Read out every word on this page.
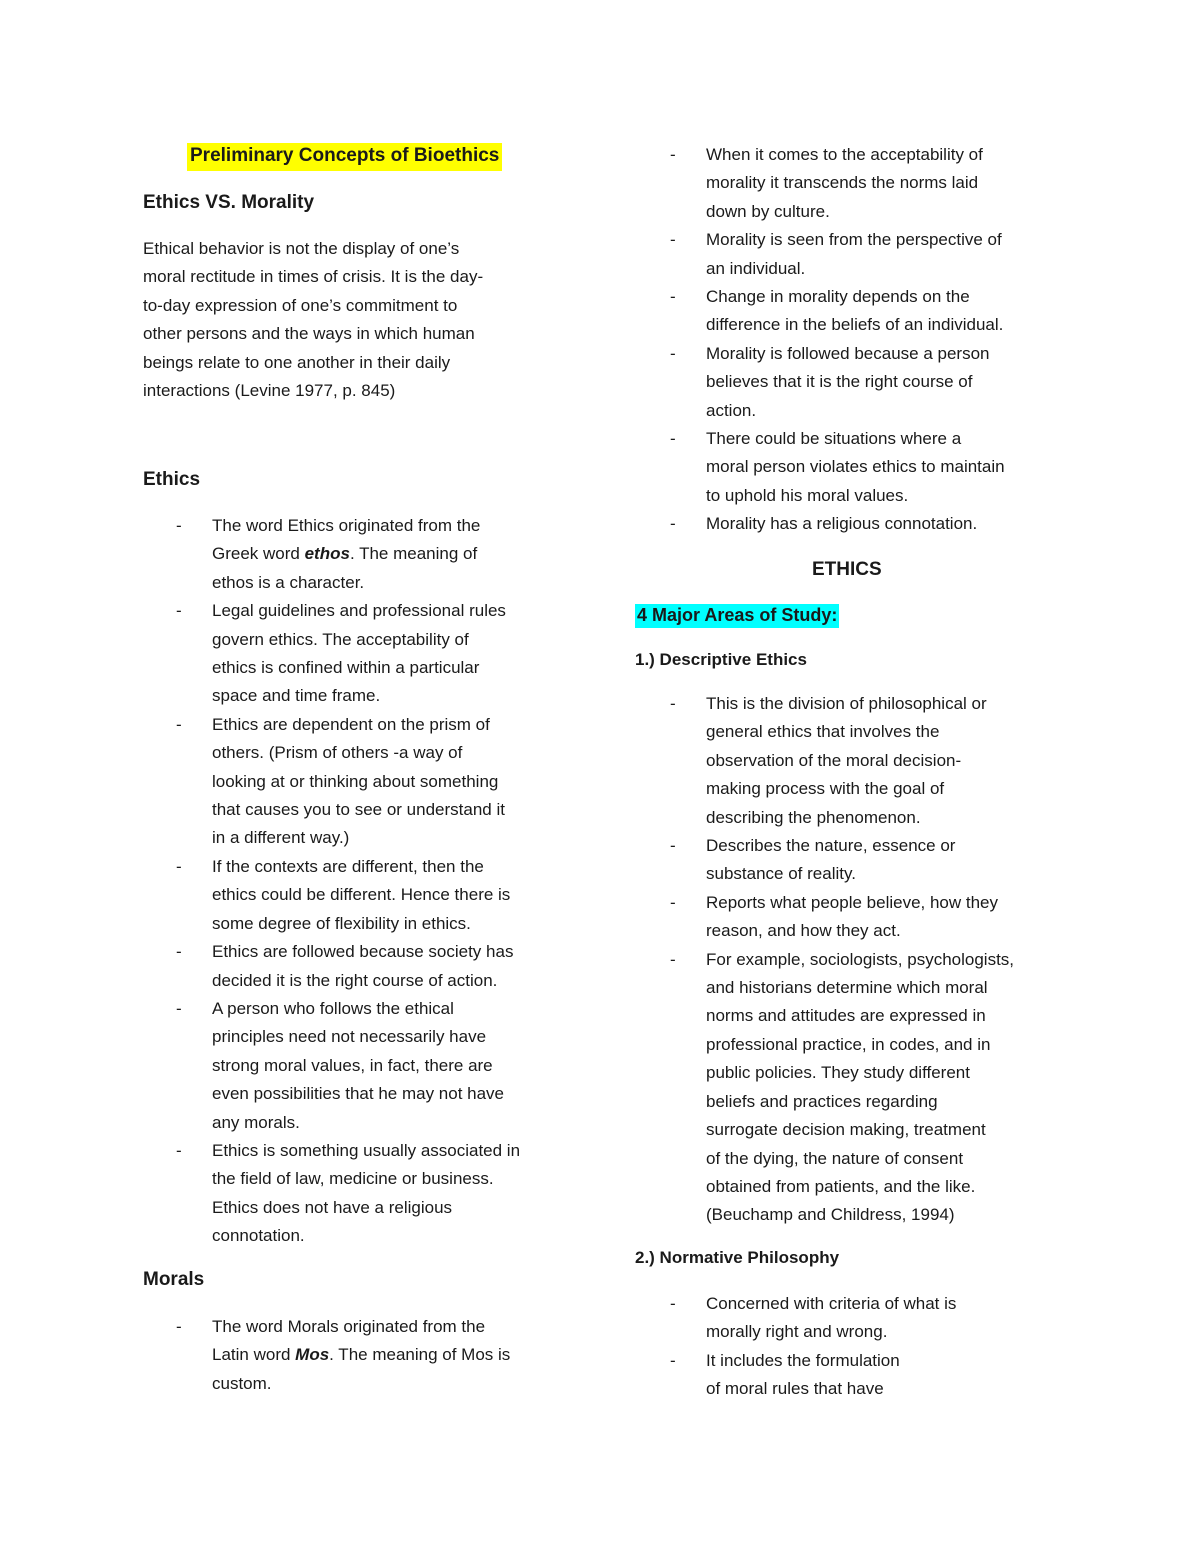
Preliminary Concepts of Bioethics
Ethics VS. Morality
Ethical behavior is not the display of one’s
moral rectitude in times of crisis. It is the day-
to-day expression of one’s commitment to
other persons and the ways in which human
beings relate to one another in their daily
interactions (Levine 1977, p. 845)
Ethics
- The word Ethics originated from the
Greek word ethos. The meaning of
ethos is a character.
- Legal guidelines and professional rules
govern ethics. The acceptability of
ethics is confined within a particular
space and time frame.
- Ethics are dependent on the prism of
others. (Prism of others -a way of
looking at or thinking about something
that causes you to see or understand it
in a different way.)
- If the contexts are different, then the
ethics could be different. Hence there is
some degree of flexibility in ethics.
- Ethics are followed because society has
decided it is the right course of action.
- A person who follows the ethical
principles need not necessarily have
strong moral values, in fact, there are
even possibilities that he may not have
any morals.
- Ethics is something usually associated in
the field of law, medicine or business.
Ethics does not have a religious
connotation.
Morals
- The word Morals originated from the
Latin word Mos. The meaning of Mos is
custom.
- When it comes to the acceptability of
morality it transcends the norms laid
down by culture.
- Morality is seen from the perspective of
an individual.
- Change in morality depends on the
difference in the beliefs of an individual.
- Morality is followed because a person
believes that it is the right course of
action.
- There could be situations where a
moral person violates ethics to maintain
to uphold his moral values.
- Morality has a religious connotation.
ETHICS
4 Major Areas of Study:
1.) Descriptive Ethics
- This is the division of philosophical or
general ethics that involves the
observation of the moral decision-
making process with the goal of
describing the phenomenon.
- Describes the nature, essence or
substance of reality.
- Reports what people believe, how they
reason, and how they act.
- For example, sociologists, psychologists,
and historians determine which moral
norms and attitudes are expressed in
professional practice, in codes, and in
public policies. They study different
beliefs and practices regarding
surrogate decision making, treatment
of the dying, the nature of consent
obtained from patients, and the like.
(Beuchamp and Childress, 1994)
2.) Normative Philosophy
- Concerned with criteria of what is
morally right and wrong.
- It includes the formulation
of moral rules that have
